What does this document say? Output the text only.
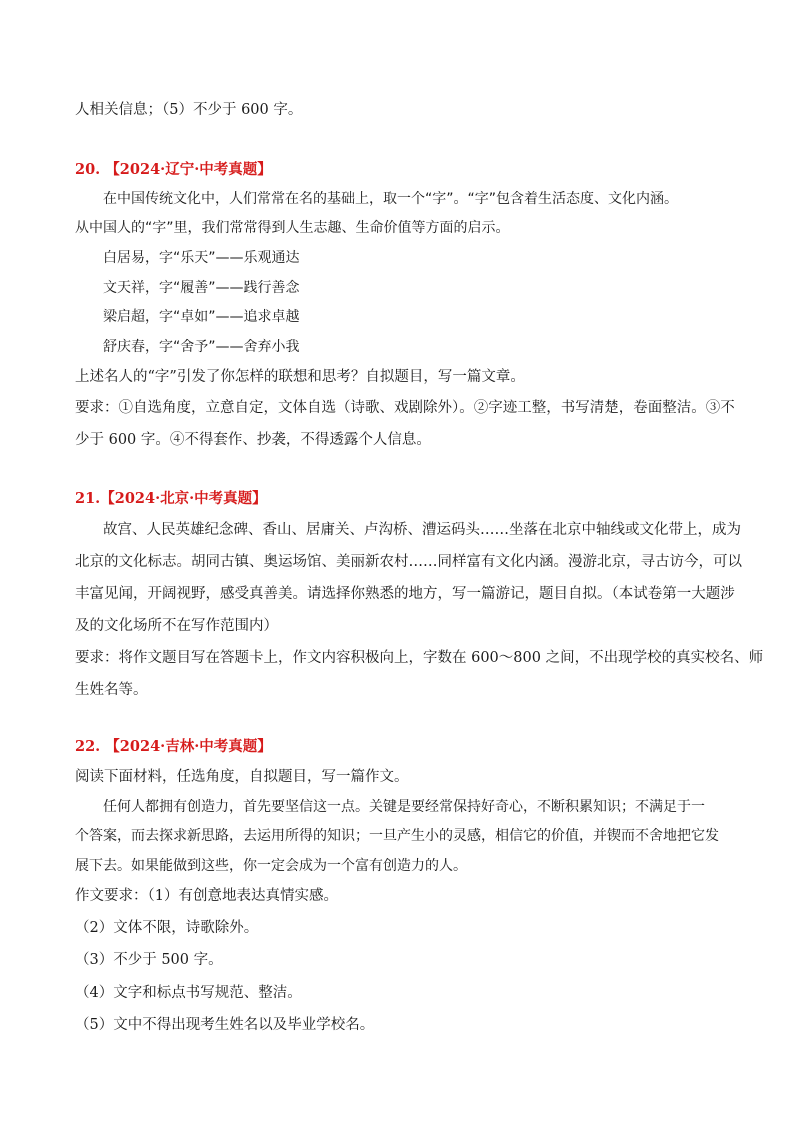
人相关信息；（5）不少于 600 字。
20. 【2024·辽宁·中考真题】
在中国传统文化中，人们常常在名的基础上，取一个“字”。“字”包含着生活态度、文化内涵。
从中国人的“字”里，我们常常得到人生志趣、生命价值等方面的启示。
白居易，字“乐天”——乐观通达
文天祥，字“履善”——践行善念
梁启超，字“卓如”——追求卓越
舒庆春，字“舍予”——舍弃小我
上述名人的“字”引发了你怎样的联想和思考？自拟题目，写一篇文章。
要求：①自选角度，立意自定，文体自选（诗歌、戏剧除外）。②字迹工整，书写清楚，卷面整洁。③不
少于 600 字。④不得套作、抄袭，不得透露个人信息。
21.【2024·北京·中考真题】
故宫、人民英雄纪念碑、香山、居庸关、卢沟桥、漕运码头……坐落在北京中轴线或文化带上，成为
北京的文化标志。胡同古镇、奥运场馆、美丽新农村……同样富有文化内涵。漫游北京，寻古访今，可以
丰富见闻，开阔视野，感受真善美。请选择你熟悉的地方，写一篇游记，题目自拟。（本试卷第一大题涉
及的文化场所不在写作范围内）
要求：将作文题目写在答题卡上，作文内容积极向上，字数在 600～800 之间，不出现学校的真实校名、师
生姓名等。
22. 【2024·吉林·中考真题】
阅读下面材料，任选角度，自拟题目，写一篇作文。
任何人都拥有创造力，首先要坚信这一点。关键是要经常保持好奇心，不断积累知识；不满足于一
个答案，而去探求新思路，去运用所得的知识；一旦产生小的灵感，相信它的价值，并锲而不舍地把它发
展下去。如果能做到这些，你一定会成为一个富有创造力的人。
作文要求：（1）有创意地表达真情实感。
（2）文体不限，诗歌除外。
（3）不少于 500 字。
（4）文字和标点书写规范、整洁。
（5）文中不得出现考生姓名以及毕业学校名。
